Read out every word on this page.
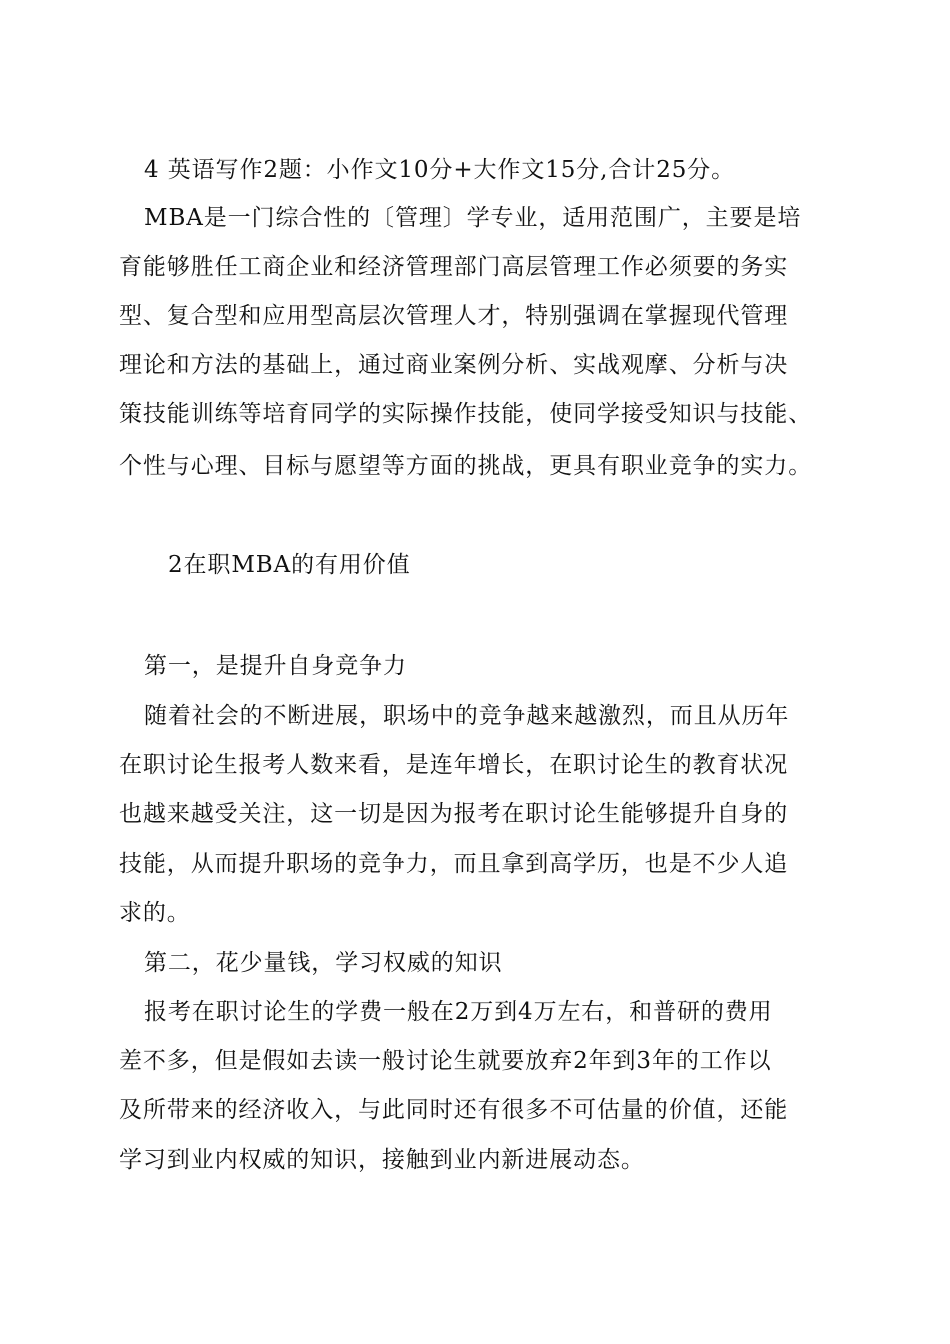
4 英语写作2题：小作文10分+大作文15分,合计25分。
MBA是一门综合性的〔管理〕学专业，适用范围广，主要是培
育能够胜任工商企业和经济管理部门高层管理工作必须要的务实
型、复合型和应用型高层次管理人才，特别强调在掌握现代管理
理论和方法的基础上，通过商业案例分析、实战观摩、分析与决
策技能训练等培育同学的实际操作技能，使同学接受知识与技能、
个性与心理、目标与愿望等方面的挑战，更具有职业竞争的实力。
2在职MBA的有用价值
第一，是提升自身竞争力
随着社会的不断进展，职场中的竞争越来越激烈，而且从历年
在职讨论生报考人数来看，是连年增长，在职讨论生的教育状况
也越来越受关注，这一切是因为报考在职讨论生能够提升自身的
技能，从而提升职场的竞争力，而且拿到高学历，也是不少人追
求的。
第二，花少量钱，学习权威的知识
报考在职讨论生的学费一般在2万到4万左右，和普研的费用
差不多，但是假如去读一般讨论生就要放弃2年到3年的工作以
及所带来的经济收入，与此同时还有很多不可估量的价值，还能
学习到业内权威的知识，接触到业内新进展动态。
